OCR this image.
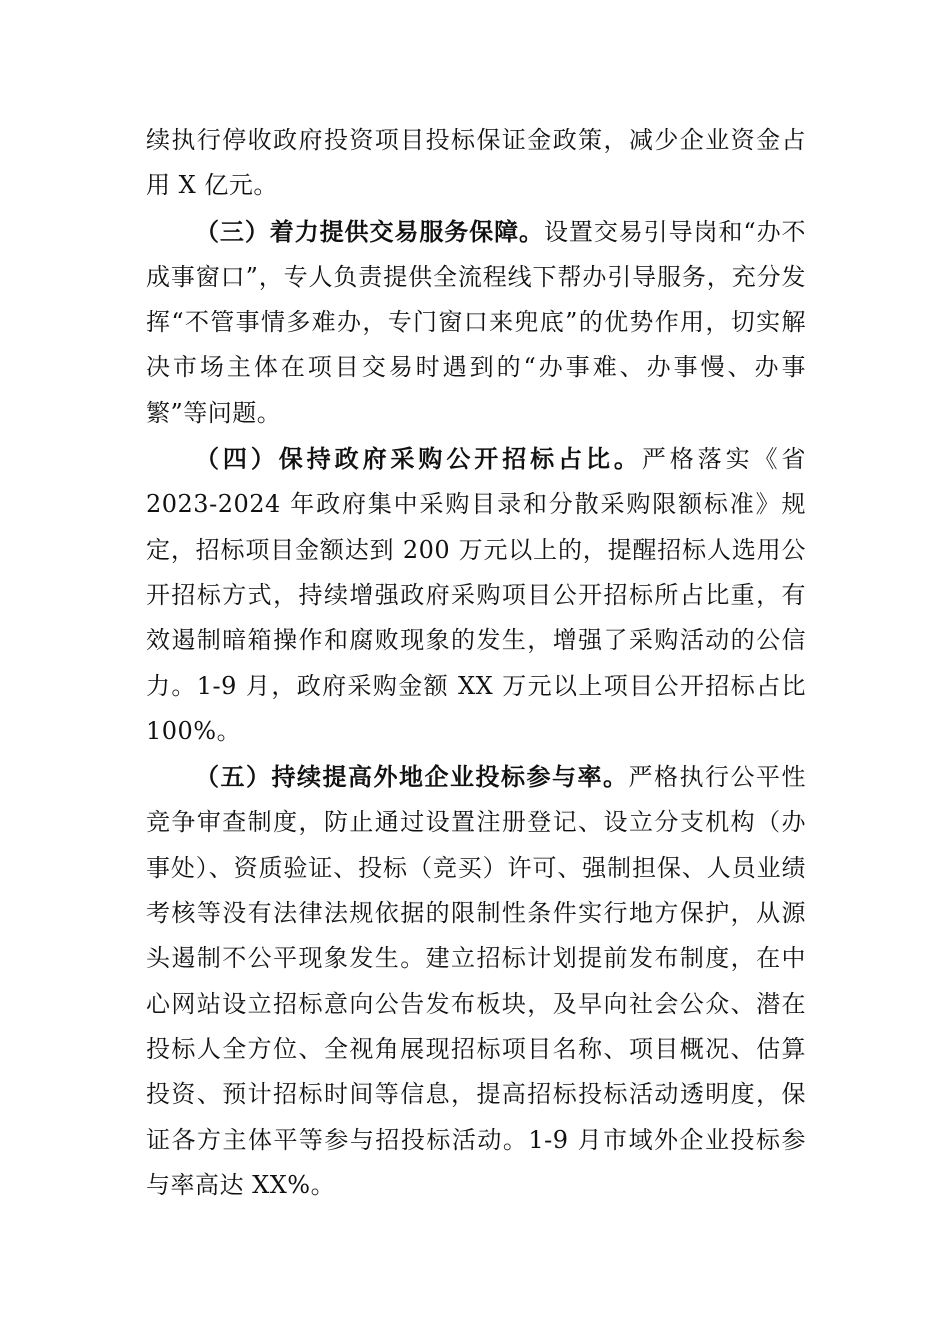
续执行停收政府投资项目投标保证金政策，减少企业资金占用 X 亿元。

（三）着力提供交易服务保障。设置交易引导岗和“办不成事窗口”，专人负责提供全流程线下帮办引导服务，充分发挥“不管事情多难办，专门窗口来兜底”的优势作用，切实解决市场主体在项目交易时遇到的“办事难、办事慢、办事繁”等问题。

（四）保持政府采购公开招标占比。严格落实《省 2023-2024 年政府集中采购目录和分散采购限额标准》规定，招标项目金额达到 200 万元以上的，提醒招标人选用公开招标方式，持续增强政府采购项目公开招标所占比重，有效遏制暗箱操作和腐败现象的发生，增强了采购活动的公信力。1-9 月，政府采购金额 XX 万元以上项目公开招标占比 100%。

（五）持续提高外地企业投标参与率。严格执行公平性竞争审查制度，防止通过设置注册登记、设立分支机构（办事处）、资质验证、投标（竞买）许可、强制担保、人员业绩考核等没有法律法规依据的限制性条件实行地方保护，从源头遏制不公平现象发生。建立招标计划提前发布制度，在中心网站设立招标意向公告发布板块，及早向社会公众、潜在投标人全方位、全视角展现招标项目名称、项目概况、估算投资、预计招标时间等信息，提高招标投标活动透明度，保证各方主体平等参与招投标活动。1-9 月市域外企业投标参与率高达 XX%。
